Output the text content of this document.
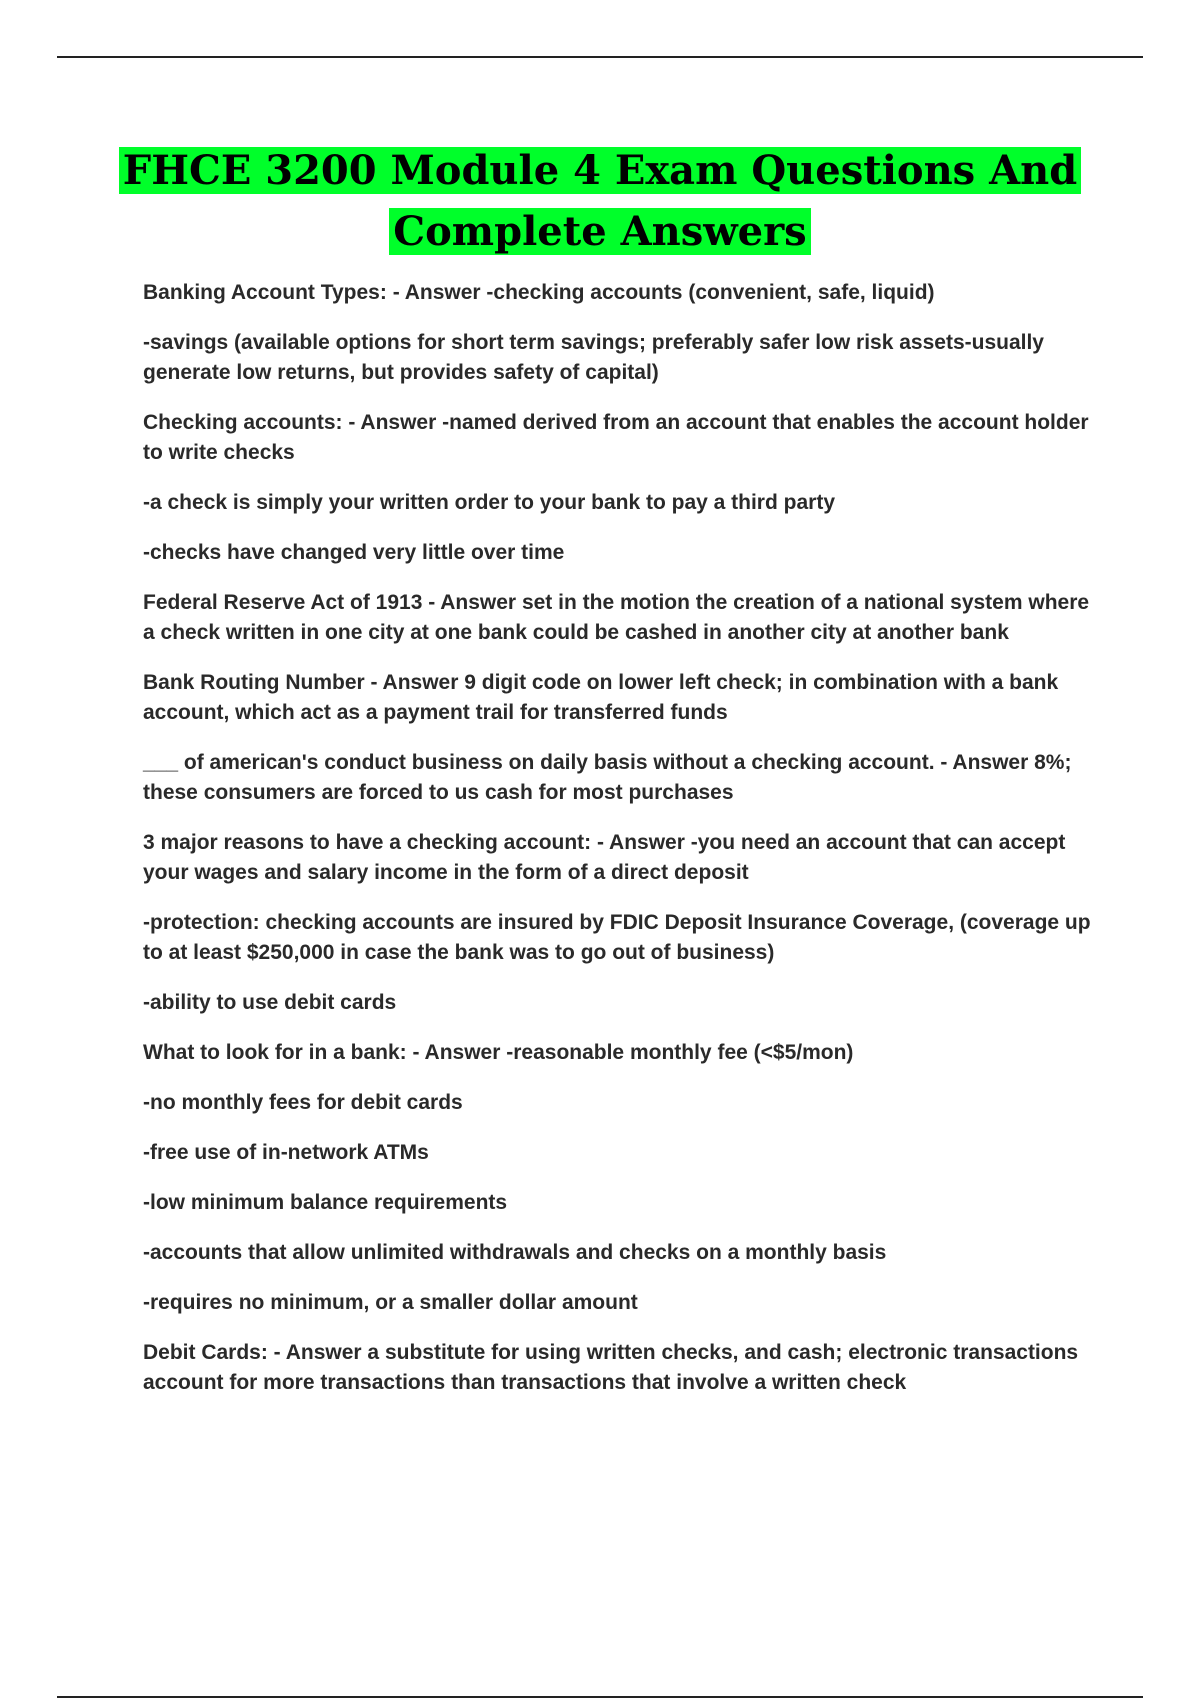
FHCE 3200 Module 4 Exam Questions And Complete Answers

Banking Account Types: - Answer -checking accounts (convenient, safe, liquid)

-savings (available options for short term savings; preferably safer low risk assets-usually generate low returns, but provides safety of capital)

Checking accounts: - Answer -named derived from an account that enables the account holder to write checks

-a check is simply your written order to your bank to pay a third party

-checks have changed very little over time

Federal Reserve Act of 1913 - Answer set in the motion the creation of a national system where a check written in one city at one bank could be cashed in another city at another bank

Bank Routing Number - Answer 9 digit code on lower left check; in combination with a bank account, which act as a payment trail for transferred funds

___ of american's conduct business on daily basis without a checking account. - Answer 8%; these consumers are forced to us cash for most purchases

3 major reasons to have a checking account: - Answer -you need an account that can accept your wages and salary income in the form of a direct deposit

-protection: checking accounts are insured by FDIC Deposit Insurance Coverage, (coverage up to at least $250,000 in case the bank was to go out of business)

-ability to use debit cards

What to look for in a bank: - Answer -reasonable monthly fee (<$5/mon)

-no monthly fees for debit cards

-free use of in-network ATMs

-low minimum balance requirements

-accounts that allow unlimited withdrawals and checks on a monthly basis

-requires no minimum, or a smaller dollar amount

Debit Cards: - Answer a substitute for using written checks, and cash; electronic transactions account for more transactions than transactions that involve a written check
